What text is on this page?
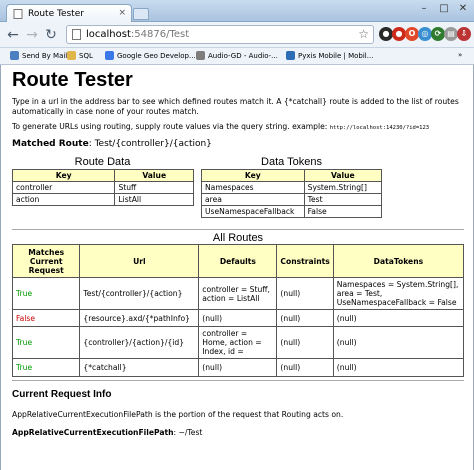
Route Tester	×	–	□	✕
← → ↻	localhost :54876/Test	☆	● ● O ◎ ⟳ ▤ ⇩
Send By Mail SQL	Google Geo Develop... Audio-GD - Audio-...	Pyxis Mobile | Mobil...	»
Route Tester
Type in a url in the address bar to see which defined routes match it. A {*catchall} route is added to the list of routes automatically in case none of your routes match.
To generate URLs using routing, supply route values via the query string. example: http://localhost:14230/?id=123
Matched Route: Test/{controller}/{action}
Route Data
Key	Value
controller	Stuff
action	ListAll
Data Tokens
Key	Value
Namespaces	System.String[]
area	Test
UseNamespaceFallback	False
All Routes
Matches Current Request	Url	Defaults	Constraints	DataTokens
True	Test/{controller}/{action}	controller = Stuff, action = ListAll	(null)	Namespaces = System.String[], area = Test, UseNamespaceFallback = False
False	{resource}.axd/{*pathInfo}	(null)	(null)	(null)
True	{controller}/{action}/{id}	controller = Home, action = Index, id =	(null)	(null)
True	{*catchall}	(null)	(null)	(null)
Current Request Info
AppRelativeCurrentExecutionFilePath is the portion of the request that Routing acts on.
AppRelativeCurrentExecutionFilePath: ~/Test
